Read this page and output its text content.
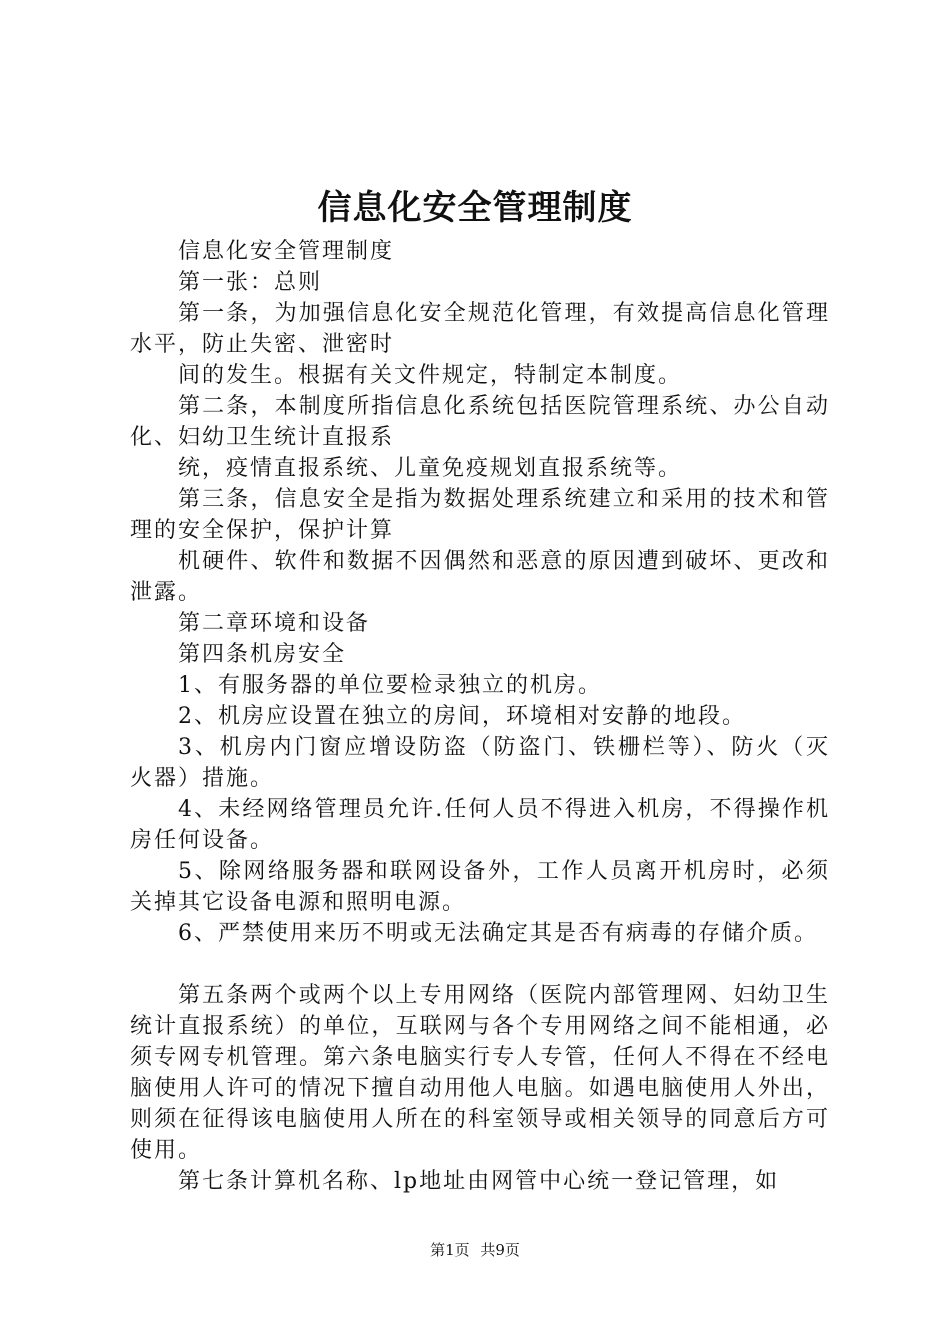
信息化安全管理制度

信息化安全管理制度

第一张：总则

第一条，为加强信息化安全规范化管理，有效提高信息化管理水平，防止失密、泄密时

间的发生。根据有关文件规定，特制定本制度。

第二条，本制度所指信息化系统包括医院管理系统、办公自动化、妇幼卫生统计直报系

统，疫情直报系统、儿童免疫规划直报系统等。

第三条，信息安全是指为数据处理系统建立和采用的技术和管理的安全保护，保护计算

机硬件、软件和数据不因偶然和恶意的原因遭到破坏、更改和泄露。

第二章环境和设备

第四条机房安全

1、有服务器的单位要检录独立的机房。

2、机房应设置在独立的房间，环境相对安静的地段。

3、机房内门窗应增设防盗（防盗门、铁栅栏等）、防火（灭火器）措施。

4、未经网络管理员允许.任何人员不得进入机房，不得操作机房任何设备。

5、除网络服务器和联网设备外，工作人员离开机房时，必须关掉其它设备电源和照明电源。

6、严禁使用来历不明或无法确定其是否有病毒的存储介质。

第五条两个或两个以上专用网络（医院内部管理网、妇幼卫生统计直报系统）的单位，互联网与各个专用网络之间不能相通，必须专网专机管理。第六条电脑实行专人专管，任何人不得在不经电脑使用人许可的情况下擅自动用他人电脑。如遇电脑使用人外出，则须在征得该电脑使用人所在的科室领导或相关领导的同意后方可使用。

第七条计算机名称、lp地址由网管中心统一登记管理，如

第1页 共9页
